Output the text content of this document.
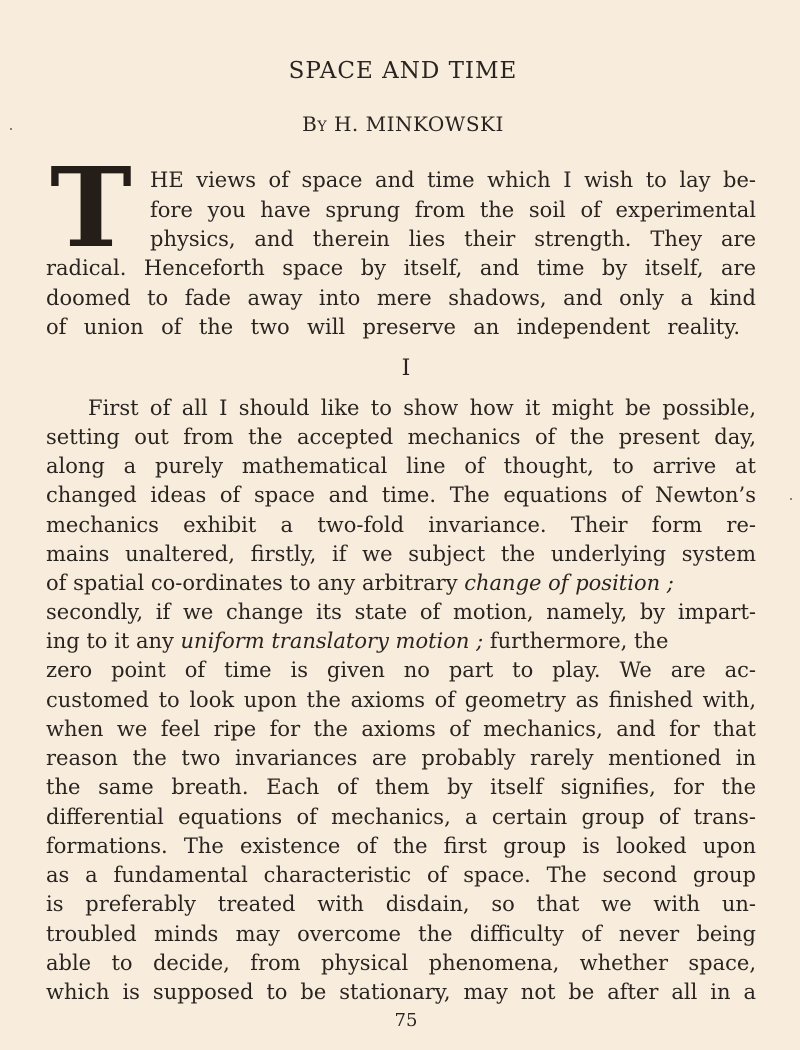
SPACE AND TIME
By H. MINKOWSKI
T HE views of space and time which I wish to lay be-
fore you have sprung from the soil of experimental
physics, and therein lies their strength. They are
radical. Henceforth space by itself, and time by itself, are
doomed to fade away into mere shadows, and only a kind
of union of the two will preserve an independent reality.
I
First of all I should like to show how it might be possible,
setting out from the accepted mechanics of the present day,
along a purely mathematical line of thought, to arrive at
changed ideas of space and time. The equations of Newton’s
mechanics exhibit a two-fold invariance. Their form re-
mains unaltered, firstly, if we subject the underlying system
of spatial co-ordinates to any arbitrary change of position ;
secondly, if we change its state of motion, namely, by impart-
ing to it any uniform translatory motion ; furthermore, the
zero point of time is given no part to play. We are ac-
customed to look upon the axioms of geometry as finished with,
when we feel ripe for the axioms of mechanics, and for that
reason the two invariances are probably rarely mentioned in
the same breath. Each of them by itself signifies, for the
differential equations of mechanics, a certain group of trans-
formations. The existence of the first group is looked upon
as a fundamental characteristic of space. The second group
is preferably treated with disdain, so that we with un-
troubled minds may overcome the difficulty of never being
able to decide, from physical phenomena, whether space,
which is supposed to be stationary, may not be after all in a
75
